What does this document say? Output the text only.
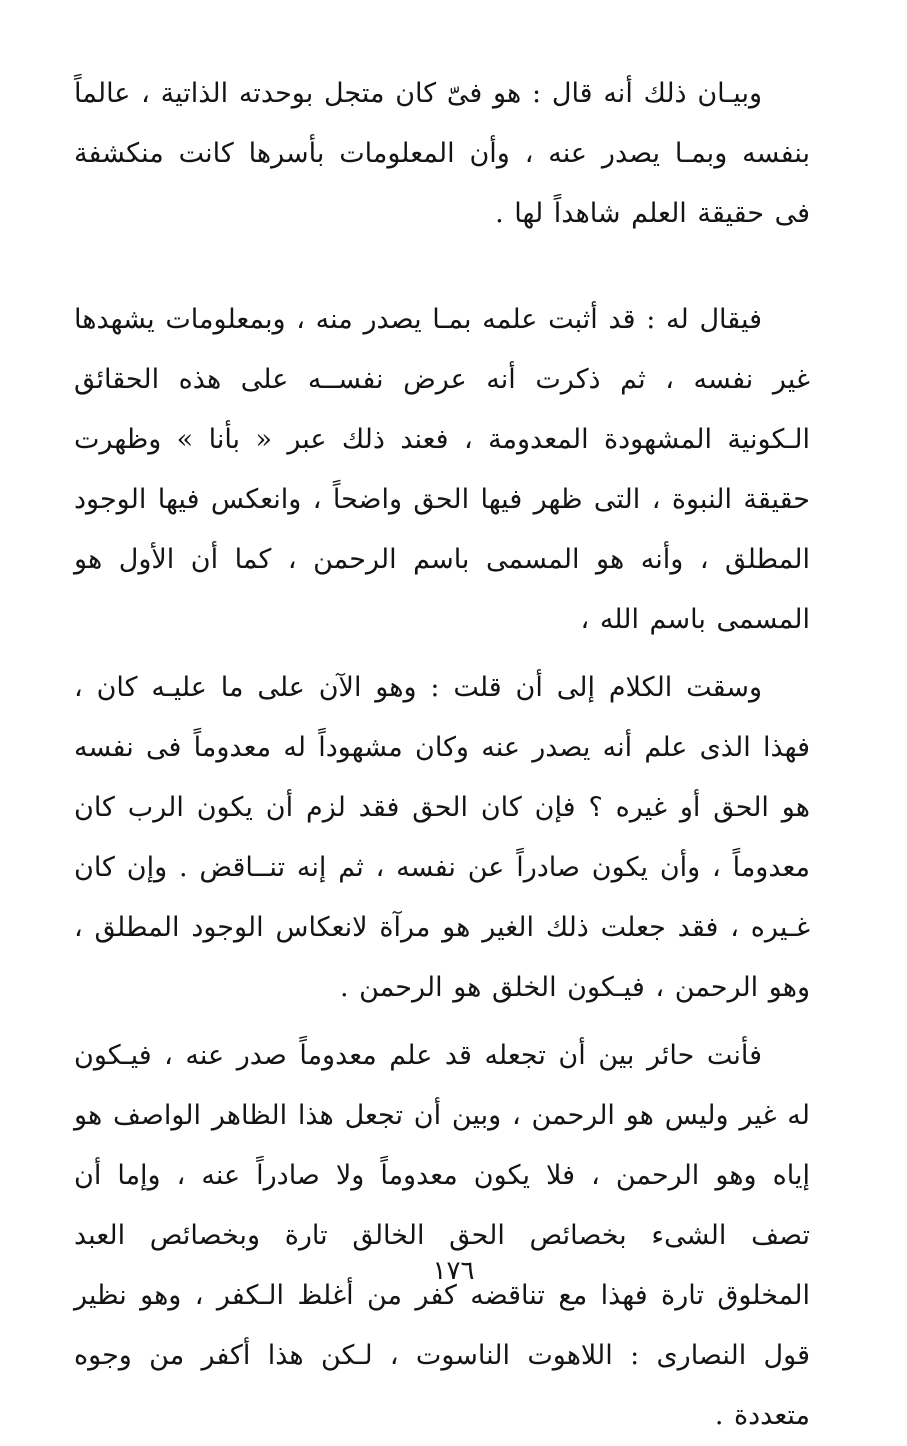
وبيـان ذلك أنه قال : هو فىّ كان متجل بوحدته الذاتية ، عالماً بنفسه وبمـا يصدر عنه ، وأن المعلومات بأسرها كانت منكشفة فى حقيقة العلم شاهداً لها .

فيقال له : قد أثبت علمه بمـا يصدر منه ، وبمعلومات يشهدها غير نفسه ، ثم ذكرت أنه عرض نفســه على هذه الحقائق الـكونية المشهودة المعدومة ، فعند ذلك عبر « بأنا » وظهرت حقيقة النبوة ، التى ظهر فيها الحق واضحاً ، وانعكس فيها الوجود المطلق ، وأنه هو المسمى باسم الرحمن ، كما أن الأول هو المسمى باسم الله ،

وسقت الكلام إلى أن قلت : وهو الآن على ما عليـه كان ، فهذا الذى علم أنه يصدر عنه وكان مشهوداً له معدوماً فى نفسه هو الحق أو غيره ؟ فإن كان الحق فقد لزم أن يكون الرب كان معدوماً ، وأن يكون صادراً عن نفسه ، ثم إنه تنــاقض . وإن كان غـيره ، فقد جعلت ذلك الغير هو مرآة لانعكاس الوجود المطلق ، وهو الرحمن ، فيـكون الخلق هو الرحمن .

فأنت حائر بين أن تجعله قد علم معدوماً صدر عنه ، فيـكون له غير وليس هو الرحمن ، وبين أن تجعل هذا الظاهر الواصف هو إياه وهو الرحمن ، فلا يكون معدوماً ولا صادراً عنه ، وإما أن تصف الشىء بخصائص الحق الخالق تارة وبخصائص العبد المخلوق تارة فهذا مع تناقضه كفر من أغلظ الـكفر ، وهو نظير قول النصارى : اللاهوت الناسوت ، لـكن هذا أكفر من وجوه متعددة .

١٧٦
